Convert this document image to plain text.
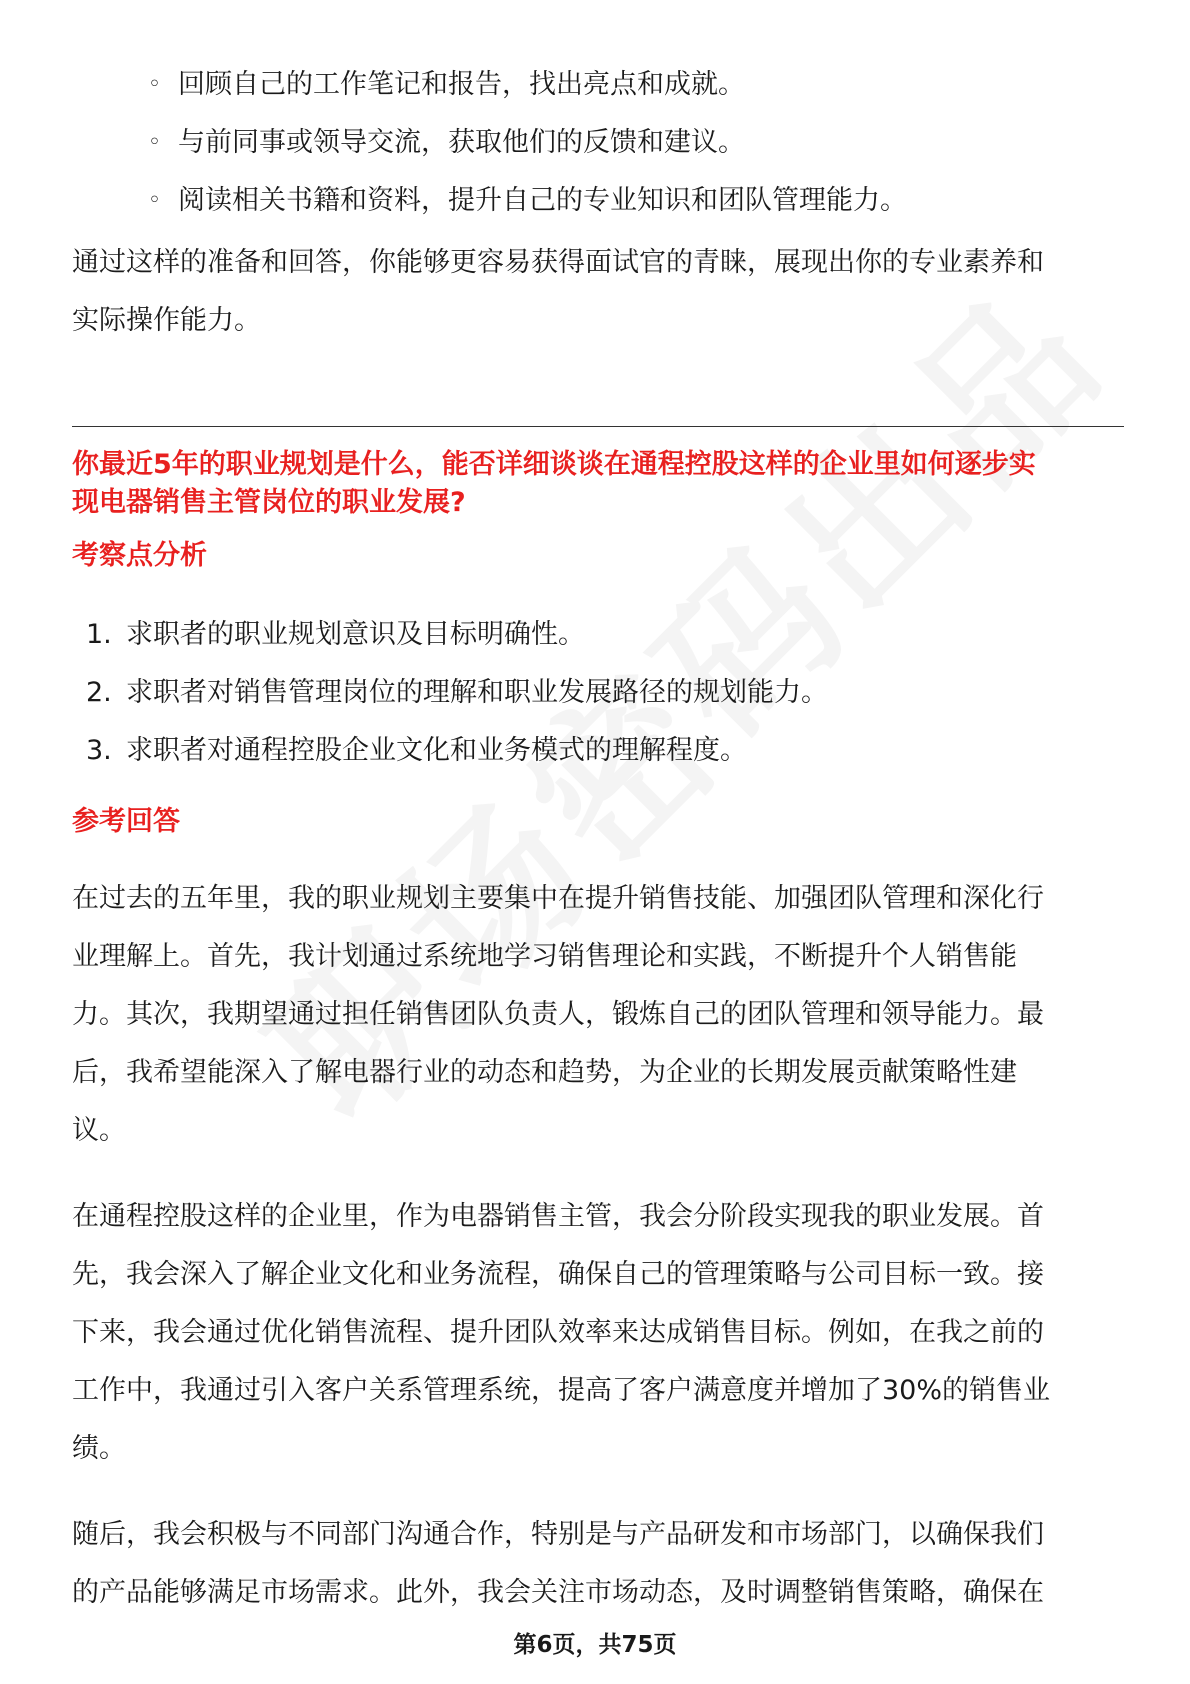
◦ 回顾自己的工作笔记和报告，找出亮点和成就。
◦ 与前同事或领导交流，获取他们的反馈和建议。
◦ 阅读相关书籍和资料，提升自己的专业知识和团队管理能力。
通过这样的准备和回答，你能够更容易获得面试官的青睐，展现出你的专业素养和
实际操作能力。
你最近5年的职业规划是什么，能否详细谈谈在通程控股这样的企业里如何逐步实
现电器销售主管岗位的职业发展?
考察点分析
1. 求职者的职业规划意识及目标明确性。
2. 求职者对销售管理岗位的理解和职业发展路径的规划能力。
3. 求职者对通程控股企业文化和业务模式的理解程度。
参考回答
在过去的五年里，我的职业规划主要集中在提升销售技能、加强团队管理和深化行
业理解上。首先，我计划通过系统地学习销售理论和实践，不断提升个人销售能
力。其次，我期望通过担任销售团队负责人，锻炼自己的团队管理和领导能力。最
后，我希望能深入了解电器行业的动态和趋势，为企业的长期发展贡献策略性建
议。
在通程控股这样的企业里，作为电器销售主管，我会分阶段实现我的职业发展。首
先，我会深入了解企业文化和业务流程，确保自己的管理策略与公司目标一致。接
下来，我会通过优化销售流程、提升团队效率来达成销售目标。例如，在我之前的
工作中，我通过引入客户关系管理系统，提高了客户满意度并增加了30%的销售业
绩。
随后，我会积极与不同部门沟通合作，特别是与产品研发和市场部门，以确保我们
的产品能够满足市场需求。此外，我会关注市场动态，及时调整销售策略，确保在
第6页，共75页
